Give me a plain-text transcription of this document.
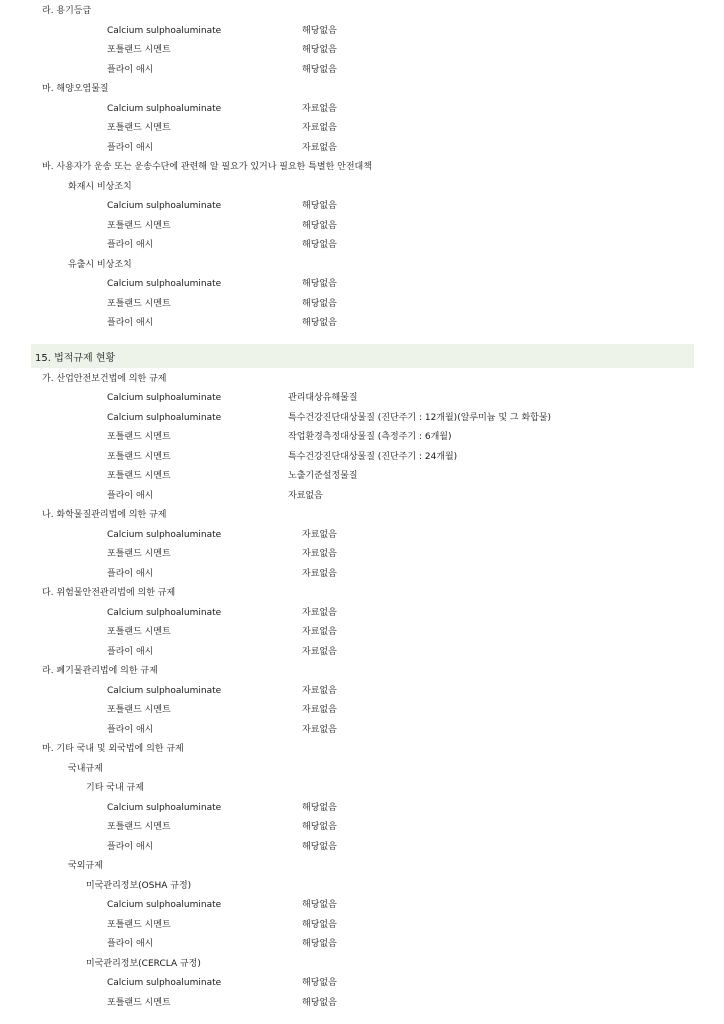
라. 용기등급
Calcium sulphoaluminate	해당없음
포틀랜드 시멘트	해당없음
플라이 애시	해당없음
마. 해양오염물질
Calcium sulphoaluminate	자료없음
포틀랜드 시멘트	자료없음
플라이 애시	자료없음
바. 사용자가 운송 또는 운송수단에 관련해 알 필요가 있거나 필요한 특별한 안전대책
화재시 비상조치
Calcium sulphoaluminate	해당없음
포틀랜드 시멘트	해당없음
플라이 애시	해당없음
유출시 비상조치
Calcium sulphoaluminate	해당없음
포틀랜드 시멘트	해당없음
플라이 애시	해당없음
15. 법적규제 현황
가. 산업안전보건법에 의한 규제
Calcium sulphoaluminate	관리대상유해물질
Calcium sulphoaluminate	특수건강진단대상물질 (진단주기 : 12개월)(알루미늄 및 그 화합물)
포틀랜드 시멘트	작업환경측정대상물질 (측정주기 : 6개월)
포틀랜드 시멘트	특수건강진단대상물질 (진단주기 : 24개월)
포틀랜드 시멘트	노출기준설정물질
플라이 애시	자료없음
나. 화학물질관리법에 의한 규제
Calcium sulphoaluminate	자료없음
포틀랜드 시멘트	자료없음
플라이 애시	자료없음
다. 위험물안전관리법에 의한 규제
Calcium sulphoaluminate	자료없음
포틀랜드 시멘트	자료없음
플라이 애시	자료없음
라. 폐기물관리법에 의한 규제
Calcium sulphoaluminate	자료없음
포틀랜드 시멘트	자료없음
플라이 애시	자료없음
마. 기타 국내 및 외국법에 의한 규제
국내규제
기타 국내 규제
Calcium sulphoaluminate	해당없음
포틀랜드 시멘트	해당없음
플라이 애시	해당없음
국외규제
미국관리정보(OSHA 규정)
Calcium sulphoaluminate	해당없음
포틀랜드 시멘트	해당없음
플라이 애시	해당없음
미국관리정보(CERCLA 규정)
Calcium sulphoaluminate	해당없음
포틀랜드 시멘트	해당없음
